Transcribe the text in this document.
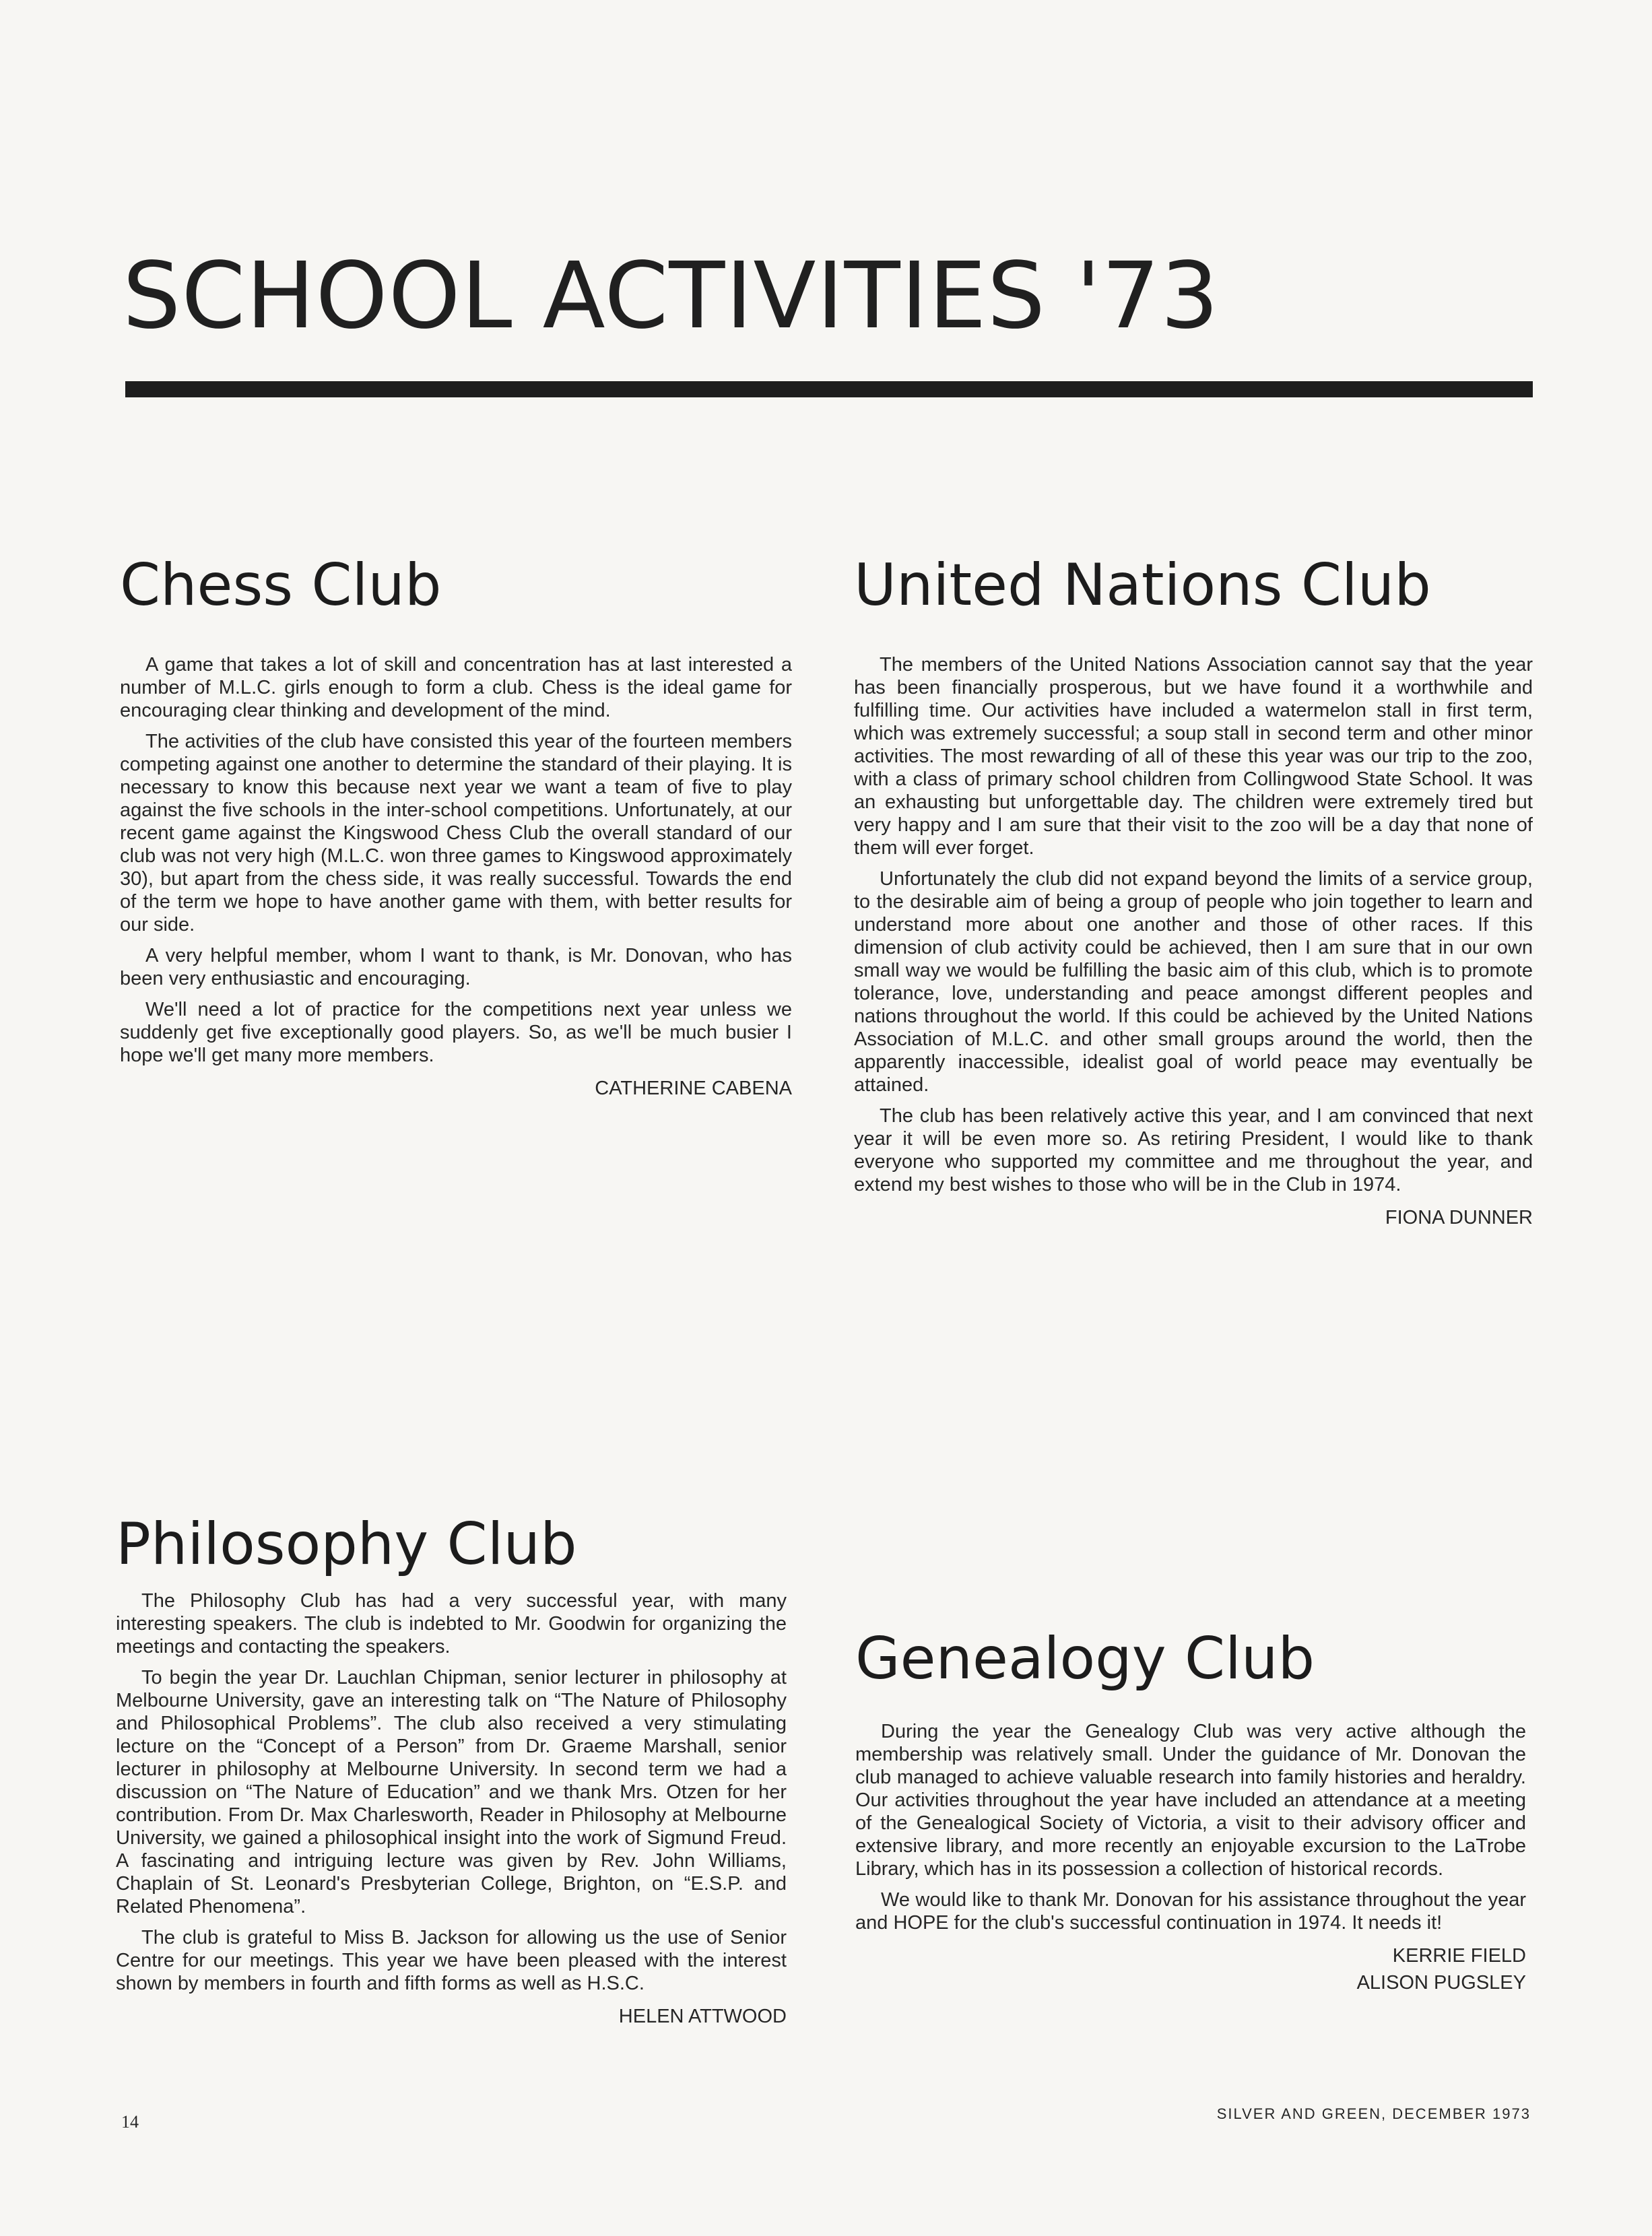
SCHOOL ACTIVITIES '73
Chess Club

A game that takes a lot of skill and concentration has at last interested a number of M.L.C. girls enough to form a club. Chess is the ideal game for encouraging clear thinking and development of the mind.

The activities of the club have consisted this year of the fourteen members competing against one another to determine the standard of their playing. It is necessary to know this because next year we want a team of five to play against the five schools in the inter-school competitions. Unfortunately, at our recent game against the Kingswood Chess Club the overall standard of our club was not very high (M.L.C. won three games to Kingswood approximately 30), but apart from the chess side, it was really successful. Towards the end of the term we hope to have another game with them, with better results for our side.

A very helpful member, whom I want to thank, is Mr. Donovan, who has been very enthusiastic and encouraging.

We'll need a lot of practice for the competitions next year unless we suddenly get five exceptionally good players. So, as we'll be much busier I hope we'll get many more members.

CATHERINE CABENA

United Nations Club

The members of the United Nations Association cannot say that the year has been financially prosperous, but we have found it a worthwhile and fulfilling time. Our activities have included a watermelon stall in first term, which was extremely successful; a soup stall in second term and other minor activities. The most rewarding of all of these this year was our trip to the zoo, with a class of primary school children from Collingwood State School. It was an exhausting but unforgettable day. The children were extremely tired but very happy and I am sure that their visit to the zoo will be a day that none of them will ever forget.

Unfortunately the club did not expand beyond the limits of a service group, to the desirable aim of being a group of people who join together to learn and understand more about one another and those of other races. If this dimension of club activity could be achieved, then I am sure that in our own small way we would be fulfilling the basic aim of this club, which is to promote tolerance, love, understanding and peace amongst different peoples and nations throughout the world. If this could be achieved by the United Nations Association of M.L.C. and other small groups around the world, then the apparently inaccessible, idealist goal of world peace may eventually be attained.

The club has been relatively active this year, and I am convinced that next year it will be even more so. As retiring President, I would like to thank everyone who supported my committee and me throughout the year, and extend my best wishes to those who will be in the Club in 1974.

FIONA DUNNER

Philosophy Club

The Philosophy Club has had a very successful year, with many interesting speakers. The club is indebted to Mr. Goodwin for organizing the meetings and contacting the speakers.

To begin the year Dr. Lauchlan Chipman, senior lecturer in philosophy at Melbourne University, gave an interesting talk on “The Nature of Philosophy and Philosophical Problems”. The club also received a very stimulating lecture on the “Concept of a Person” from Dr. Graeme Marshall, senior lecturer in philosophy at Melbourne University. In second term we had a discussion on “The Nature of Education” and we thank Mrs. Otzen for her contribution. From Dr. Max Charlesworth, Reader in Philosophy at Melbourne University, we gained a philosophical insight into the work of Sigmund Freud. A fascinating and intriguing lecture was given by Rev. John Williams, Chaplain of St. Leonard's Presbyterian College, Brighton, on “E.S.P. and Related Phenomena”.

The club is grateful to Miss B. Jackson for allowing us the use of Senior Centre for our meetings. This year we have been pleased with the interest shown by members in fourth and fifth forms as well as H.S.C.

HELEN ATTWOOD

Genealogy Club

During the year the Genealogy Club was very active although the membership was relatively small. Under the guidance of Mr. Donovan the club managed to achieve valuable research into family histories and heraldry. Our activities throughout the year have included an attendance at a meeting of the Genealogical Society of Victoria, a visit to their advisory officer and extensive library, and more recently an enjoyable excursion to the LaTrobe Library, which has in its possession a collection of historical records.

We would like to thank Mr. Donovan for his assistance throughout the year and HOPE for the club's successful continuation in 1974. It needs it!

KERRIE FIELD

ALISON PUGSLEY

14	SILVER AND GREEN, DECEMBER 1973
